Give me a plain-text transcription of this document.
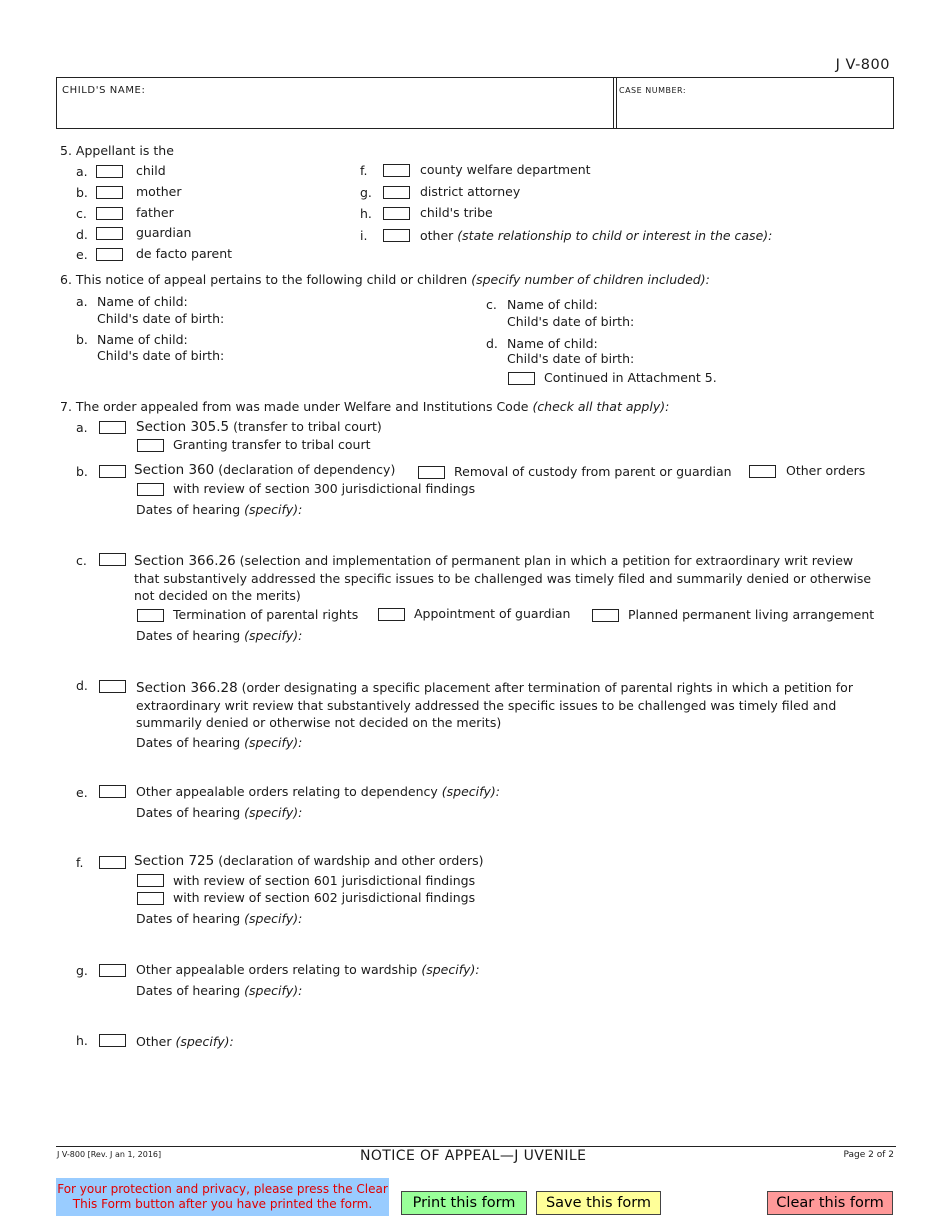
J V-800
CHILD'S NAME:	CASE NUMBER:
5. Appellant is the
a.	child
b.	mother
c.	father
d.	guardian
e.	de facto parent
f.	county welfare department
g.	district attorney
h.	child's tribe
i.	other (state relationship to child or interest in the case):
6. This notice of appeal pertains to the following child or children (specify number of children included):
a. Name of child:
Child's date of birth:
b. Name of child:
Child's date of birth:
c. Name of child:
Child's date of birth:
d. Name of child:
Child's date of birth:
Continued in Attachment 5.
7. The order appealed from was made under Welfare and Institutions Code (check all that apply):
a.	Section 305.5 (transfer to tribal court)
Granting transfer to tribal court
b.	Section 360 (declaration of dependency)	Removal of custody from parent or guardian	Other orders
with review of section 300 jurisdictional findings
Dates of hearing (specify):
c.	Section 366.26 (selection and implementation of permanent plan in which a petition for extraordinary writ review that substantively addressed the specific issues to be challenged was timely filed and summarily denied or otherwise not decided on the merits)
Termination of parental rights	Appointment of guardian	Planned permanent living arrangement
Dates of hearing (specify):
d.	Section 366.28 (order designating a specific placement after termination of parental rights in which a petition for extraordinary writ review that substantively addressed the specific issues to be challenged was timely filed and summarily denied or otherwise not decided on the merits)
Dates of hearing (specify):
e.	Other appealable orders relating to dependency (specify):
Dates of hearing (specify):
f.	Section 725 (declaration of wardship and other orders)
with review of section 601 jurisdictional findings
with review of section 602 jurisdictional findings
Dates of hearing (specify):
g.	Other appealable orders relating to wardship (specify):
Dates of hearing (specify):
h.	Other (specify):
J V-800 [Rev. J an 1, 2016]	NOTICE OF APPEAL—J UVENILE	Page 2 of 2
For your protection and privacy, please press the Clear This Form button after you have printed the form.	Print this form	Save this form	Clear this form
